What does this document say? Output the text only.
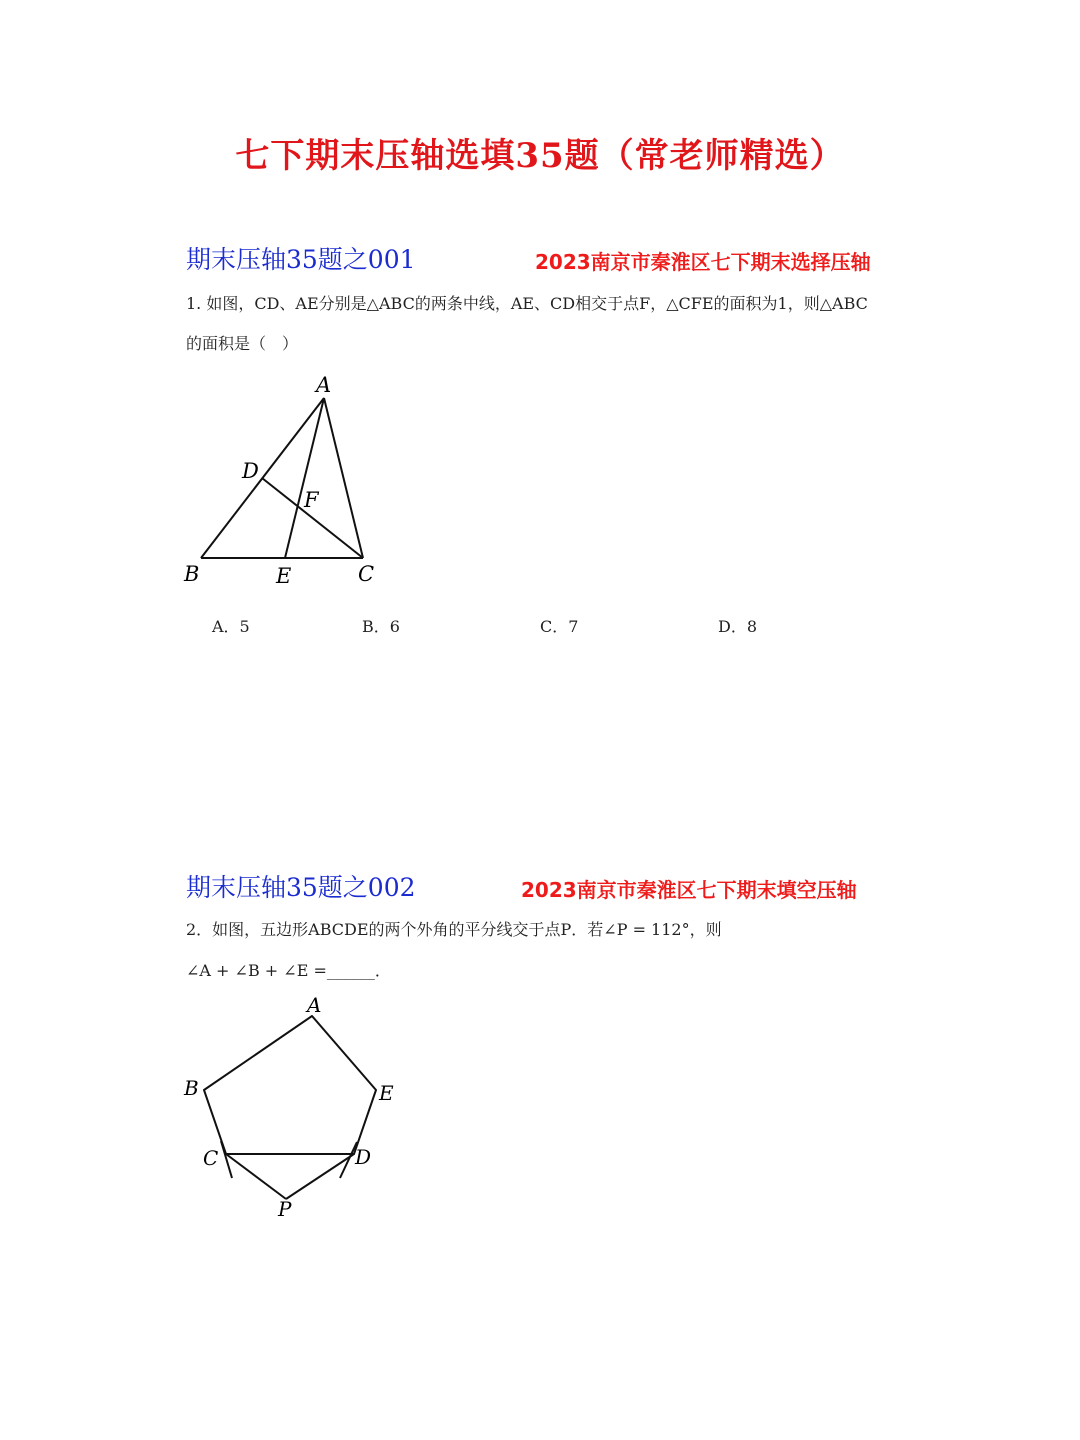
七下期末压轴选填35题（常老师精选）
期末压轴35题之001	2023南京市秦淮区七下期末选择压轴
1. 如图，CD、AE分别是△ABC的两条中线，AE、CD相交于点F，△CFE的面积为1，则△ABC
的面积是（　）
A
D
F
B	E	C
A．5	B．6	C．7	D．8
期末压轴35题之002	2023南京市秦淮区七下期末填空压轴
2．如图，五边形ABCDE的两个外角的平分线交于点P．若∠P = 112°，则
∠A + ∠B + ∠E =______．
A
B	E
C	D
P
